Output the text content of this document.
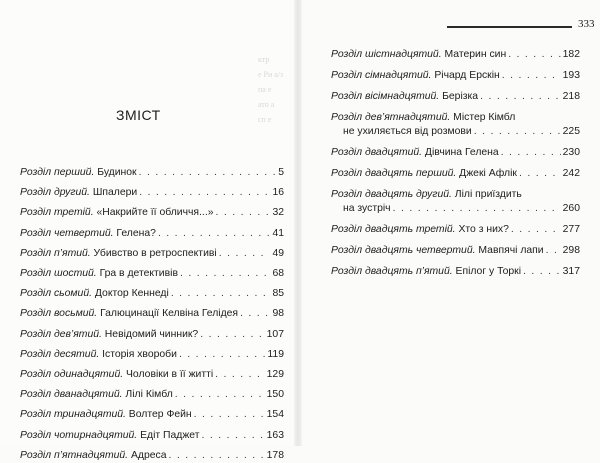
ктр
е Ри а/з
па е
ато а
сп е
333
ЗМІСТ
Розділ перший. Будинок . . .	5
Розділ другий. Шпалери . . .	16
Розділ третій. «Накрийте її обличчя...» . . .	32
Розділ четвертий. Гелена? . . .	41
Розділ п’ятий. Убивство в ретроспективі . . .	49
Розділ шостий. Гра в детективів . . .	68
Розділ сьомий. Доктор Кеннеді . . .	85
Розділ восьмий. Галюцинації Келвіна Гелідея . . .	98
Розділ дев’ятий. Невідомий чинник? . . .	107
Розділ десятий. Історія хвороби . . .	119
Розділ одинадцятий. Чоловіки в її житті . . .	129
Розділ дванадцятий. Лілі Кімбл . . .	150
Розділ тринадцятий. Волтер Фейн . . .	154
Розділ чотирнадцятий. Едіт Паджет . . .	163
Розділ п’ятнадцятий. Адреса . . .	178
Розділ шістнадцятий. Материн син . . .	182
Розділ сімнадцятий. Річард Ерскін . . .	193
Розділ вісімнадцятий. Берізка . . .	218
Розділ дев’ятнадцятий. Містер Кімбл
не ухиляється від розмови . . .	225
Розділ двадцятий. Дівчина Гелена . . .	230
Розділ двадцять перший. Джекі Афлік . . .	242
Розділ двадцять другий. Лілі приїздить
на зустріч . . .	260
Розділ двадцять третій. Хто з них? . . .	277
Розділ двадцять четвертий. Мавпячі лапи . . . 298
Розділ двадцять п’ятий. Епілог у Торкі . . .	317
